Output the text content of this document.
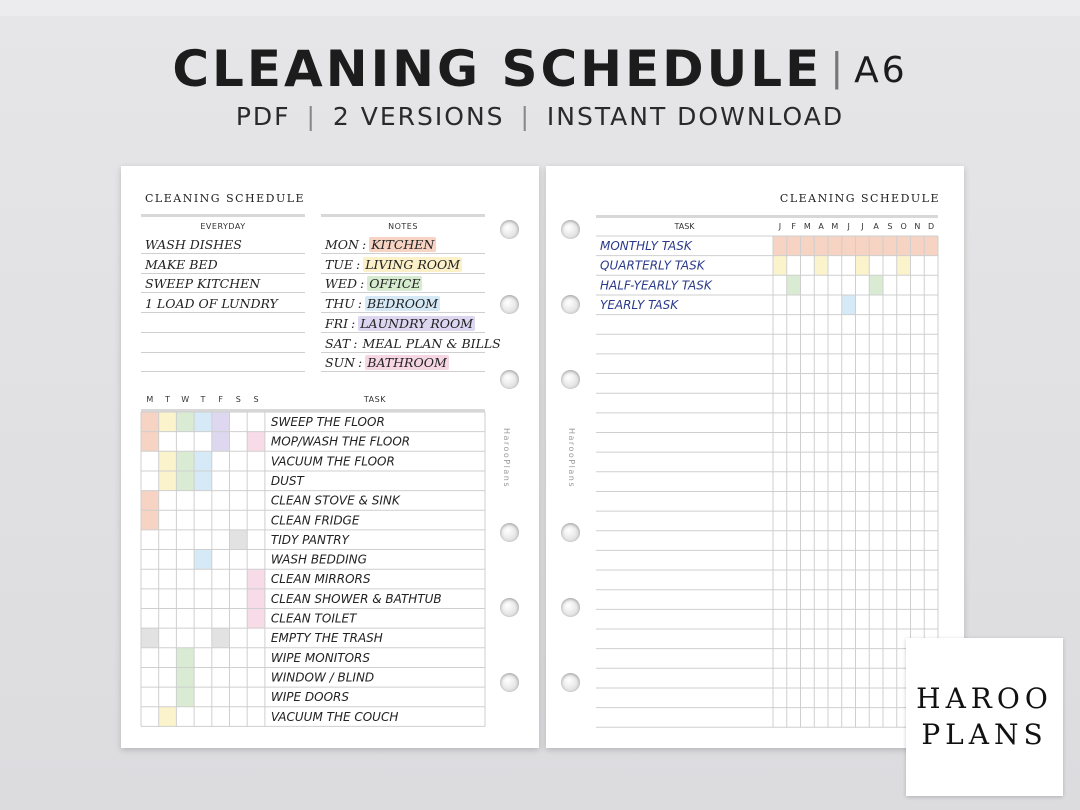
CLEANING SCHEDULE | A6
PDF | 2 VERSIONS | INSTANT DOWNLOAD
CLEANING SCHEDULE
EVERYDAY	NOTES
WASH DISHES
MAKE BED
SWEEP KITCHEN
1 LOAD OF LUNDRY
MON : KITCHEN
TUE : LIVING ROOM
WED : OFFICE
THU : BEDROOM
FRI : LAUNDRY ROOM
SAT : MEAL PLAN & BILLS
SUN : BATHROOM
M T W T F S S	TASK
SWEEP THE FLOOR
MOP/WASH THE FLOOR
VACUUM THE FLOOR
DUST
CLEAN STOVE & SINK
CLEAN FRIDGE
TIDY PANTRY
WASH BEDDING
CLEAN MIRRORS
CLEAN SHOWER & BATHTUB
CLEAN TOILET
EMPTY THE TRASH
WIPE MONITORS
WINDOW / BLIND
WIPE DOORS
VACUUM THE COUCH
HarooPlans
CLEANING SCHEDULE
TASK	J F M A M J J A S O N D
MONTHLY TASK
QUARTERLY TASK
HALF-YEARLY TASK
YEARLY TASK
HarooPlans
HAROO
PLANS
